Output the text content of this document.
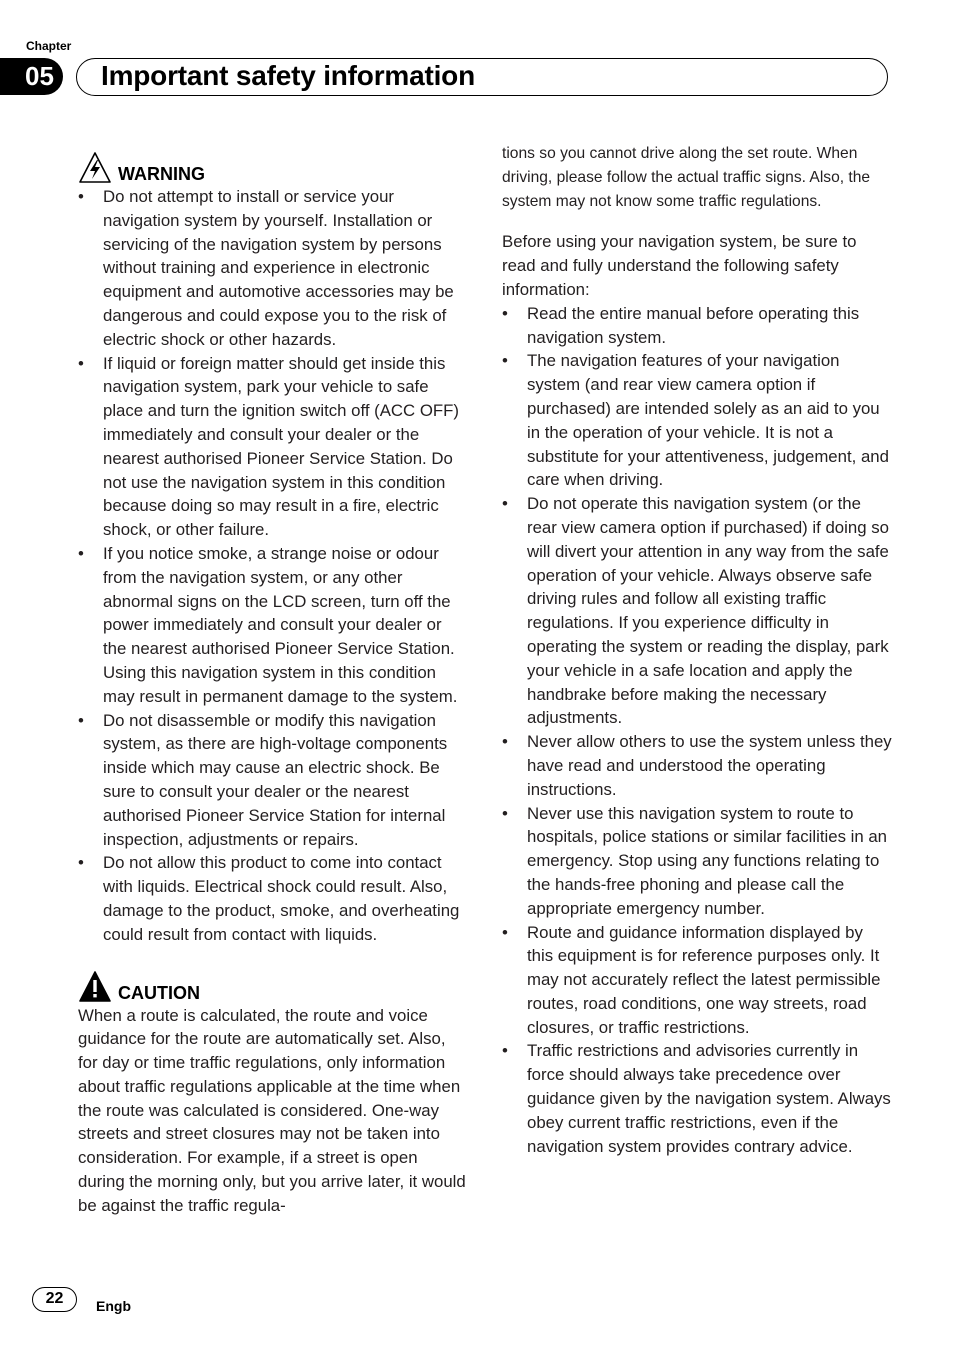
Chapter
05	Important safety information
WARNING
• Do not attempt to install or service your navigation system by yourself. Installation or servicing of the navigation system by persons without training and experience in electronic equipment and automotive accessories may be dangerous and could expose you to the risk of electric shock or other hazards.
• If liquid or foreign matter should get inside this navigation system, park your vehicle to safe place and turn the ignition switch off (ACC OFF) immediately and consult your dealer or the nearest authorised Pioneer Service Station. Do not use the navigation system in this condition because doing so may result in a fire, electric shock, or other failure.
• If you notice smoke, a strange noise or odour from the navigation system, or any other abnormal signs on the LCD screen, turn off the power immediately and consult your dealer or the nearest authorised Pioneer Service Station. Using this navigation system in this condition may result in permanent damage to the system.
• Do not disassemble or modify this navigation system, as there are high-voltage components inside which may cause an electric shock. Be sure to consult your dealer or the nearest authorised Pioneer Service Station for internal inspection, adjustments or repairs.
• Do not allow this product to come into contact with liquids. Electrical shock could result. Also, damage to the product, smoke, and overheating could result from contact with liquids.
CAUTION

When a route is calculated, the route and voice guidance for the route are automatically set. Also, for day or time traffic regulations, only information about traffic regulations applicable at the time when the route was calculated is considered. One-way streets and street closures may not be taken into consideration. For example, if a street is open during the morning only, but you arrive later, it would be against the traffic regula-

tions so you cannot drive along the set route. When driving, please follow the actual traffic signs. Also, the system may not know some traffic regulations.

Before using your navigation system, be sure to read and fully understand the following safety information:

• Read the entire manual before operating this navigation system.
• The navigation features of your navigation system (and rear view camera option if purchased) are intended solely as an aid to you in the operation of your vehicle. It is not a substitute for your attentiveness, judgement, and care when driving.
• Do not operate this navigation system (or the rear view camera option if purchased) if doing so will divert your attention in any way from the safe operation of your vehicle. Always observe safe driving rules and follow all existing traffic regulations. If you experience difficulty in operating the system or reading the display, park your vehicle in a safe location and apply the handbrake before making the necessary adjustments.
• Never allow others to use the system unless they have read and understood the operating instructions.
• Never use this navigation system to route to hospitals, police stations or similar facilities in an emergency. Stop using any functions relating to the hands-free phoning and please call the appropriate emergency number.
• Route and guidance information displayed by this equipment is for reference purposes only. It may not accurately reflect the latest permissible routes, road conditions, one way streets, road closures, or traffic restrictions.
• Traffic restrictions and advisories currently in force should always take precedence over guidance given by the navigation system. Always obey current traffic restrictions, even if the navigation system provides contrary advice.
22	Engb
